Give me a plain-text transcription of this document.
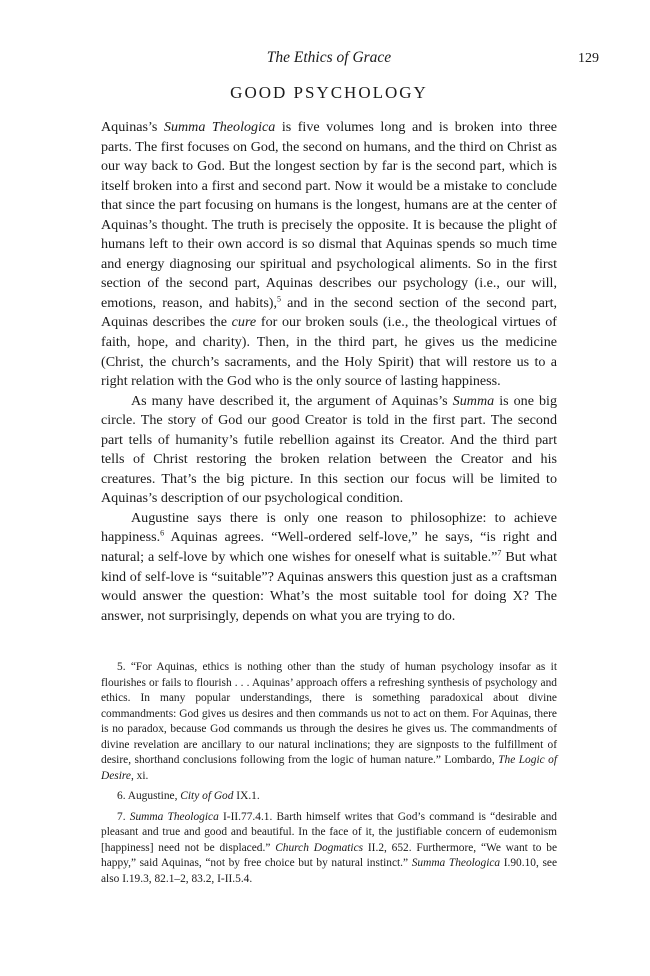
The Ethics of Grace	129
GOOD PSYCHOLOGY

Aquinas’s Summa Theologica is five volumes long and is broken into three parts. The first focuses on God, the second on humans, and the third on Christ as our way back to God. But the longest section by far is the second part, which is itself broken into a first and second part. Now it would be a mistake to conclude that since the part focusing on humans is the longest, humans are at the center of Aquinas’s thought. The truth is precisely the opposite. It is because the plight of humans left to their own accord is so dismal that Aquinas spends so much time and energy diagnosing our spiritual and psychological aliments. So in the first section of the second part, Aquinas describes our psychology (i.e., our will, emotions, reason, and habits),$^5$ and in the second section of the second part, Aquinas describes the cure for our broken souls (i.e., the theological virtues of faith, hope, and charity). Then, in the third part, he gives us the medicine (Christ, the church’s sacraments, and the Holy Spirit) that will restore us to a right relation with the God who is the only source of lasting happiness.

As many have described it, the argument of Aquinas’s Summa is one big circle. The story of God our good Creator is told in the first part. The second part tells of humanity’s futile rebellion against its Creator. And the third part tells of Christ restoring the broken relation between the Creator and his creatures. That’s the big picture. In this section our focus will be limited to Aquinas’s description of our psychological condition.

Augustine says there is only one reason to philosophize: to achieve happiness.$^6$ Aquinas agrees. “Well-ordered self-love,” he says, “is right and natural; a self-love by which one wishes for oneself what is suitable.”$^7$ But what kind of self-love is “suitable”? Aquinas answers this question just as a craftsman would answer the question: What’s the most suitable tool for doing X? The answer, not surprisingly, depends on what you are trying to do.

5. “For Aquinas, ethics is nothing other than the study of human psychology insofar as it flourishes or fails to flourish . . . Aquinas’ approach offers a refreshing synthesis of psychology and ethics. In many popular understandings, there is something paradoxical about divine commandments: God gives us desires and then commands us not to act on them. For Aquinas, there is no paradox, because God commands us through the desires he gives us. The commandments of divine revelation are ancillary to our natural inclinations; they are signposts to the fulfillment of desire, shorthand conclusions following from the logic of human nature.” Lombardo, The Logic of Desire, xi.

6. Augustine, City of God IX.1.

7. Summa Theologica I-II.77.4.1. Barth himself writes that God’s command is “desirable and pleasant and true and good and beautiful. In the face of it, the justifiable concern of eudemonism [happiness] need not be displaced.” Church Dogmatics II.2, 652. Furthermore, “We want to be happy,” said Aquinas, “not by free choice but by natural instinct.” Summa Theologica I.90.10, see also I.19.3, 82.1–2, 83.2, I-II.5.4.
